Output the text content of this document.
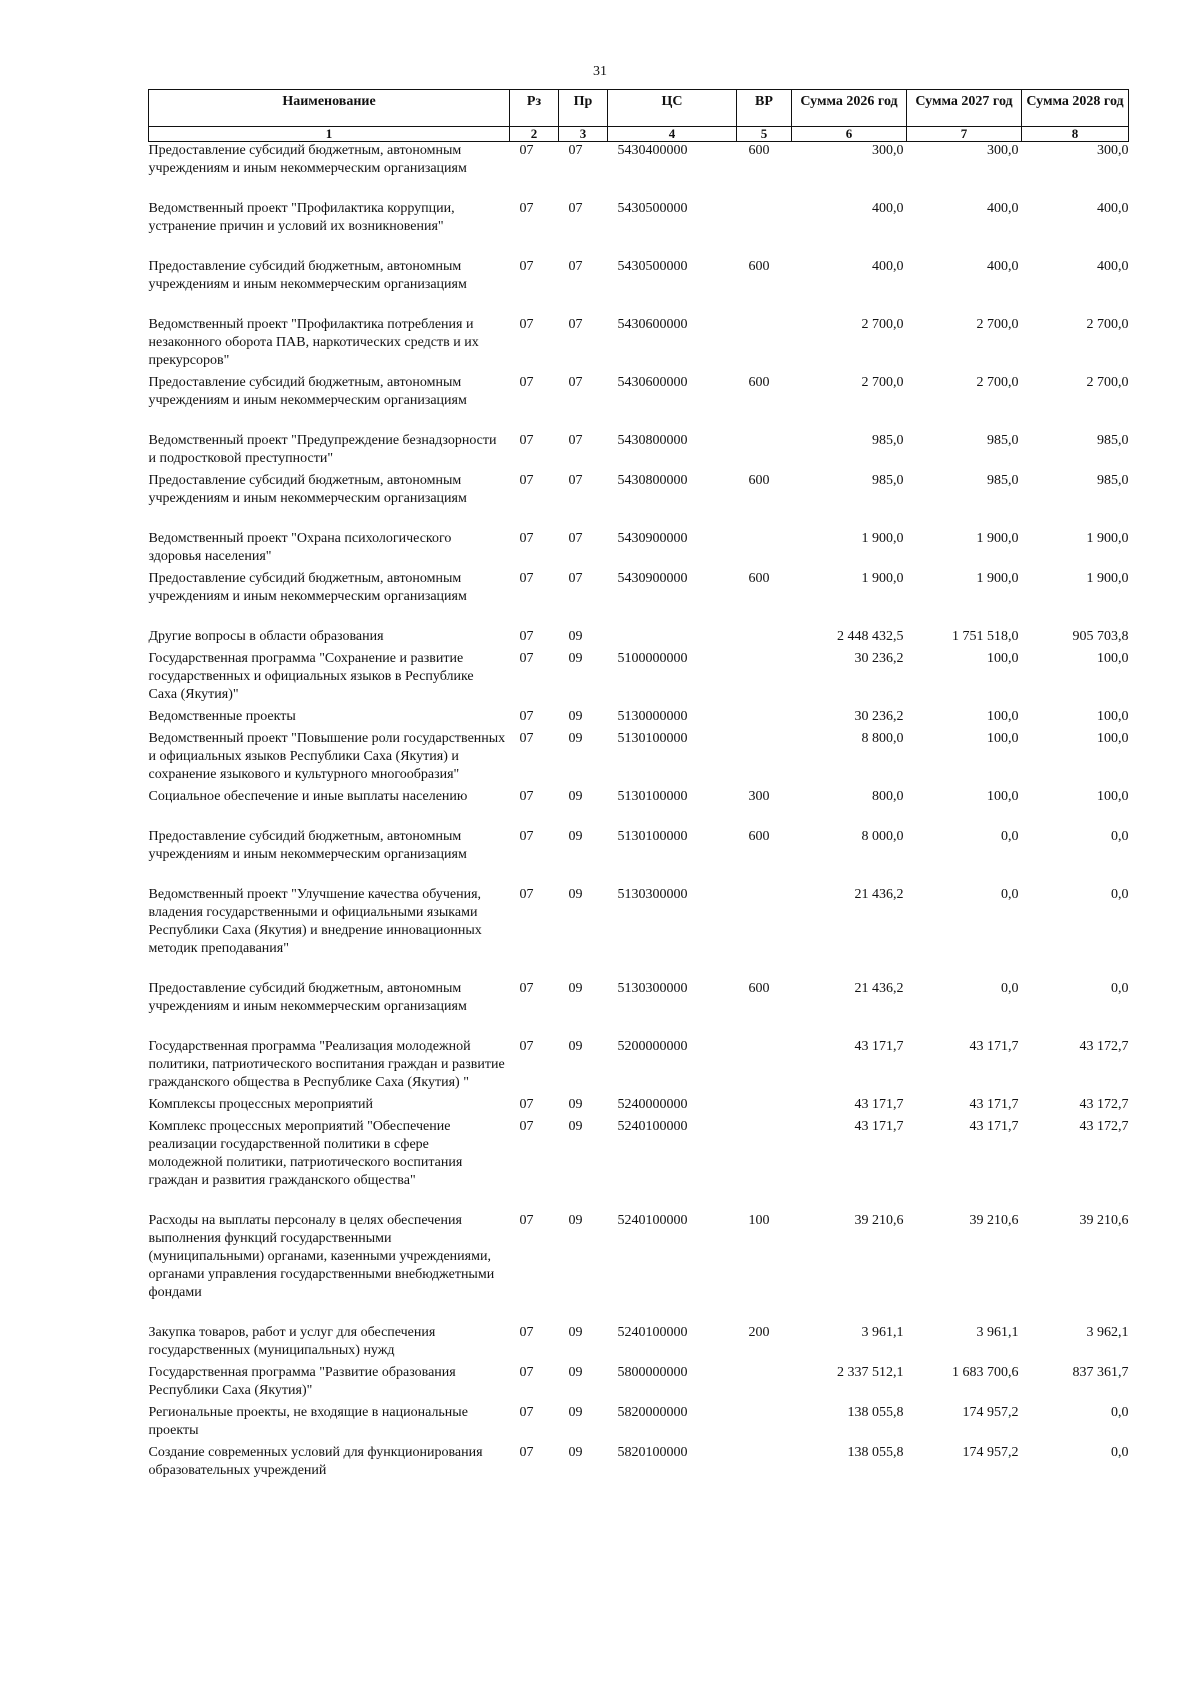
31
Наименование	Рз	Пр	ЦС	ВР	Сумма 2026 год	Сумма 2027 год	Сумма 2028 год
1	2	3	4	5	6	7	8
Предоставление субсидий бюджетным, автономным учреждениям и иным некоммерческим организациям	07	07	5430400000	600	300,0	300,0	300,0
Ведомственный проект "Профилактика коррупции, устранение причин и условий их возникновения"	07	07	5430500000		400,0	400,0	400,0
Предоставление субсидий бюджетным, автономным учреждениям и иным некоммерческим организациям	07	07	5430500000	600	400,0	400,0	400,0
Ведомственный проект "Профилактика потребления и незаконного оборота ПАВ, наркотических средств и их прекурсоров"	07	07	5430600000		2 700,0	2 700,0	2 700,0
Предоставление субсидий бюджетным, автономным учреждениям и иным некоммерческим организациям	07	07	5430600000	600	2 700,0	2 700,0	2 700,0
Ведомственный проект "Предупреждение безнадзорности и подростковой преступности"	07	07	5430800000		985,0	985,0	985,0
Предоставление субсидий бюджетным, автономным учреждениям и иным некоммерческим организациям	07	07	5430800000	600	985,0	985,0	985,0
Ведомственный проект "Охрана психологического здоровья населения"	07	07	5430900000		1 900,0	1 900,0	1 900,0
Предоставление субсидий бюджетным, автономным учреждениям и иным некоммерческим организациям	07	07	5430900000	600	1 900,0	1 900,0	1 900,0
Другие вопросы в области образования	07	09			2 448 432,5	1 751 518,0	905 703,8
Государственная программа "Сохранение и развитие государственных и официальных языков в Республике Саха (Якутия)"	07	09	5100000000		30 236,2	100,0	100,0
Ведомственные проекты	07	09	5130000000		30 236,2	100,0	100,0
Ведомственный проект "Повышение роли государственных и официальных языков Республики Саха (Якутия) и сохранение языкового и культурного многообразия"	07	09	5130100000		8 800,0	100,0	100,0
Социальное обеспечение и иные выплаты населению	07	09	5130100000	300	800,0	100,0	100,0
Предоставление субсидий бюджетным, автономным учреждениям и иным некоммерческим организациям	07	09	5130100000	600	8 000,0	0,0	0,0
Ведомственный проект "Улучшение качества обучения, владения государственными и официальными языками Республики Саха (Якутия) и внедрение инновационных методик преподавания"	07	09	5130300000		21 436,2	0,0	0,0
Предоставление субсидий бюджетным, автономным учреждениям и иным некоммерческим организациям	07	09	5130300000	600	21 436,2	0,0	0,0
Государственная программа "Реализация молодежной политики, патриотического воспитания граждан и развитие гражданского общества в Республике Саха (Якутия) "	07	09	5200000000		43 171,7	43 171,7	43 172,7
Комплексы процессных мероприятий	07	09	5240000000		43 171,7	43 171,7	43 172,7
Комплекс процессных мероприятий "Обеспечение реализации государственной политики в сфере молодежной политики, патриотического воспитания граждан и развития гражданского общества"	07	09	5240100000		43 171,7	43 171,7	43 172,7
Расходы на выплаты персоналу в целях обеспечения выполнения функций государственными (муниципальными) органами, казенными учреждениями, органами управления государственными внебюджетными фондами	07	09	5240100000	100	39 210,6	39 210,6	39 210,6
Закупка товаров, работ и услуг для обеспечения государственных (муниципальных) нужд	07	09	5240100000	200	3 961,1	3 961,1	3 962,1
Государственная программа "Развитие образования Республики Саха (Якутия)"	07	09	5800000000		2 337 512,1	1 683 700,6	837 361,7
Региональные проекты, не входящие в национальные проекты	07	09	5820000000		138 055,8	174 957,2	0,0
Создание современных условий для функционирования образовательных учреждений	07	09	5820100000		138 055,8	174 957,2	0,0
